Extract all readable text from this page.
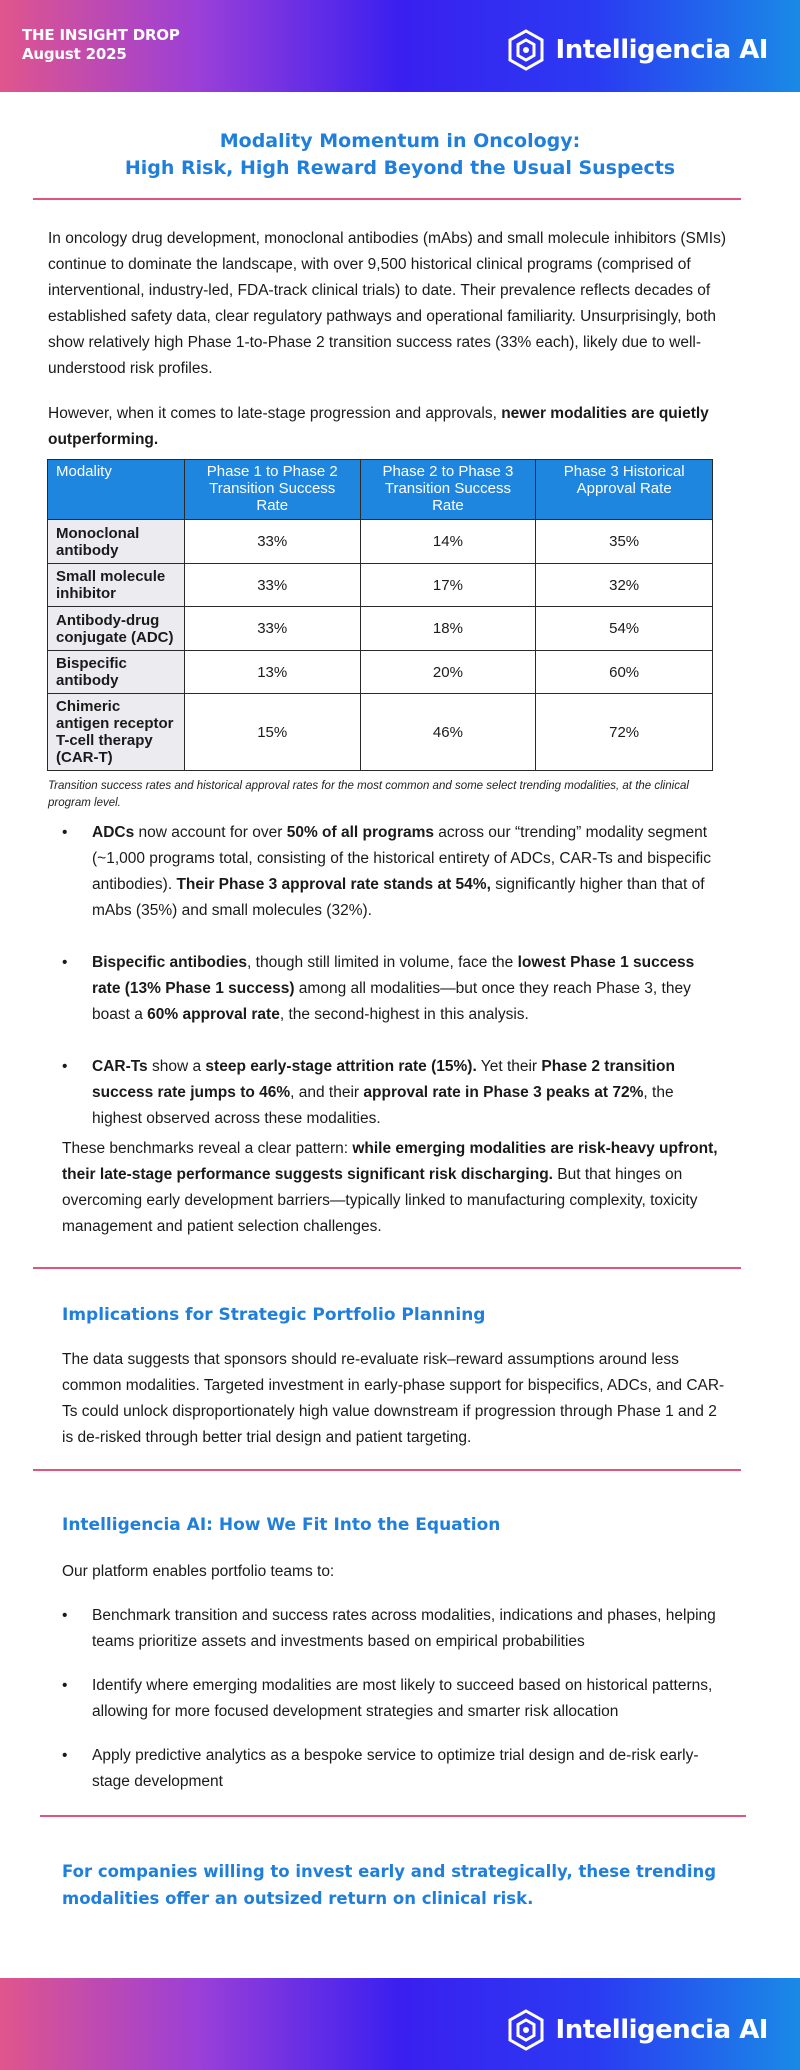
THE INSIGHT DROP
August 2025	Intelligencia AI
Modality Momentum in Oncology:
High Risk, High Reward Beyond the Usual Suspects

In oncology drug development, monoclonal antibodies (mAbs) and small molecule inhibitors (SMIs) continue to dominate the landscape, with over 9,500 historical clinical programs (comprised of interventional, industry-led, FDA-track clinical trials) to date. Their prevalence reflects decades of established safety data, clear regulatory pathways and operational familiarity. Unsurprisingly, both show relatively high Phase 1-to-Phase 2 transition success rates (33% each), likely due to well-understood risk profiles.

However, when it comes to late-stage progression and approvals, newer modalities are quietly outperforming.

Modality	Phase 1 to Phase 2 Transition Success Rate	Phase 2 to Phase 3 Transition Success Rate	Phase 3 Historical Approval Rate
Monoclonal antibody	33%	14%	35%
Small molecule inhibitor	33%	17%	32%
Antibody-drug conjugate (ADC)	33%	18%	54%
Bispecific antibody	13%	20%	60%
Chimeric antigen receptor T-cell therapy (CAR-T)	15%	46%	72%
Transition success rates and historical approval rates for the most common and some select trending modalities, at the clinical program level.
• ADCs now account for over 50% of all programs across our “trending” modality segment (~1,000 programs total, consisting of the historical entirety of ADCs, CAR-Ts and bispecific antibodies). Their Phase 3 approval rate stands at 54%, significantly higher than that of mAbs (35%) and small molecules (32%).
• Bispecific antibodies, though still limited in volume, face the lowest Phase 1 success rate (13% Phase 1 success) among all modalities—but once they reach Phase 3, they boast a 60% approval rate, the second-highest in this analysis.
• CAR-Ts show a steep early-stage attrition rate (15%). Yet their Phase 2 transition success rate jumps to 46%, and their approval rate in Phase 3 peaks at 72%, the highest observed across these modalities.

These benchmarks reveal a clear pattern: while emerging modalities are risk-heavy upfront, their late-stage performance suggests significant risk discharging. But that hinges on overcoming early development barriers—typically linked to manufacturing complexity, toxicity management and patient selection challenges.

Implications for Strategic Portfolio Planning

The data suggests that sponsors should re-evaluate risk–reward assumptions around less common modalities. Targeted investment in early-phase support for bispecifics, ADCs, and CAR-Ts could unlock disproportionately high value downstream if progression through Phase 1 and 2 is de-risked through better trial design and patient targeting.

Intelligencia AI: How We Fit Into the Equation

Our platform enables portfolio teams to:

• Benchmark transition and success rates across modalities, indications and phases, helping teams prioritize assets and investments based on empirical probabilities
• Identify where emerging modalities are most likely to succeed based on historical patterns, allowing for more focused development strategies and smarter risk allocation
• Apply predictive analytics as a bespoke service to optimize trial design and de-risk early-stage development
For companies willing to invest early and strategically, these trending modalities offer an outsized return on clinical risk.
Intelligencia AI
